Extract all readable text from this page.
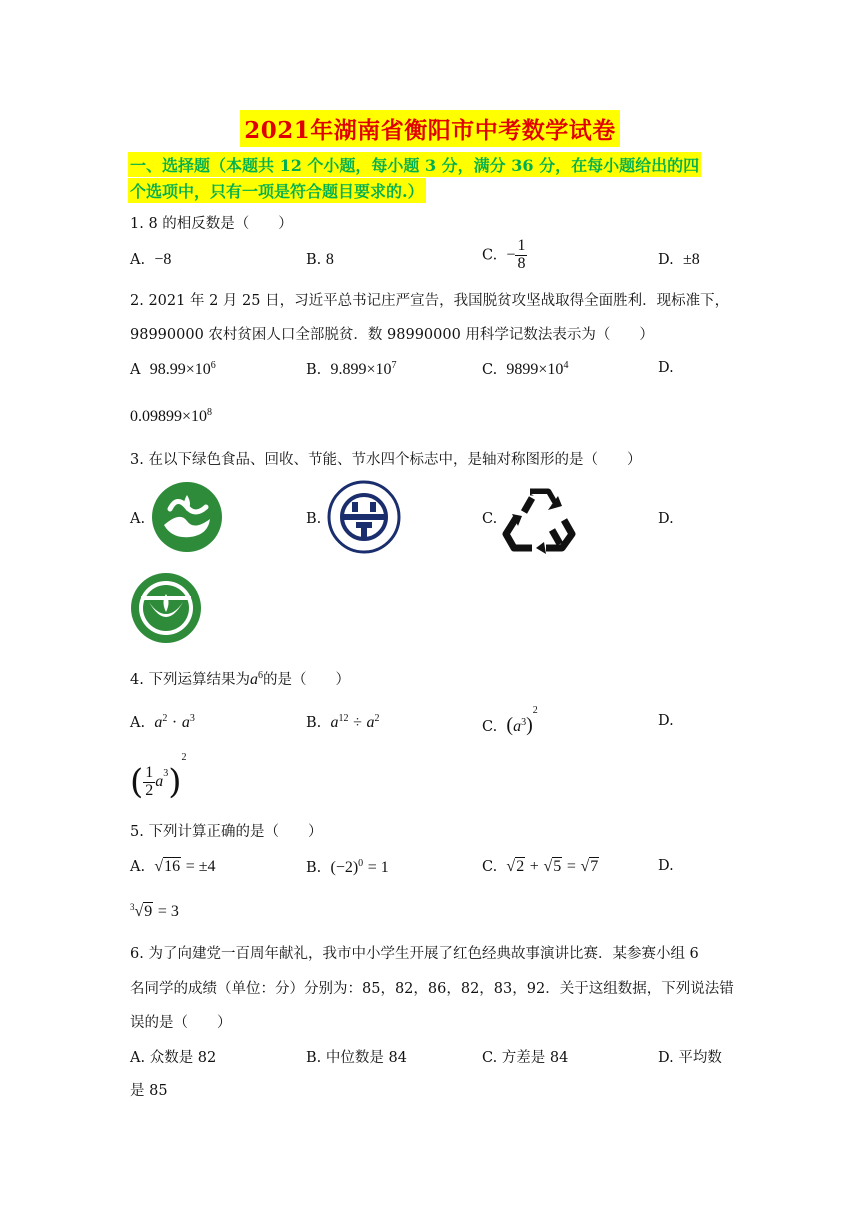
2021年湖南省衡阳市中考数学试卷
一、选择题（本题共 12 个小题，每小题 3 分，满分 36 分，在每小题给出的四
个选项中，只有一项是符合题目要求的.）
1. 8 的相反数是（　　）
A. −8	B. 8	C. − $\frac{1}{8}$	D. ±8
2. 2021 年 2 月 25 日，习近平总书记庄严宣告，我国脱贫攻坚战取得全面胜利．现标准下，
98990000 农村贫困人口全部脱贫．数 98990000 用科学记数法表示为（　　）
A $98.99\times 10^6$	B. $9.899\times 10^7$	C. $9899\times 10^4$	D.
$0.09899\times 10^8$
3. 在以下绿色食品、回收、节能、节水四个标志中，是轴对称图形的是（　　）
A.	B.	C.	D.
4. 下列运算结果为$a^6$的是（　　）
A. $a^2 \cdot a^3$	B. $a^{12} \div a^2$
C. $(a^3)^2$
D.
( $\frac{1}{2} a^3)^2$
5. 下列计算正确的是（　　）
A. √16 = ±4	B. $(-2)^0 = 1$	C. √2 + √5 = √7	D.
$^3$√9 = 3
6. 为了向建党一百周年献礼，我市中小学生开展了红色经典故事演讲比赛．某参赛小组 6
名同学的成绩（单位：分）分别为：85，82，86，82，83，92．关于这组数据，下列说法错
误的是（　　）
A. 众数是 82	B. 中位数是 84	C. 方差是 84	D. 平均数
是 85
